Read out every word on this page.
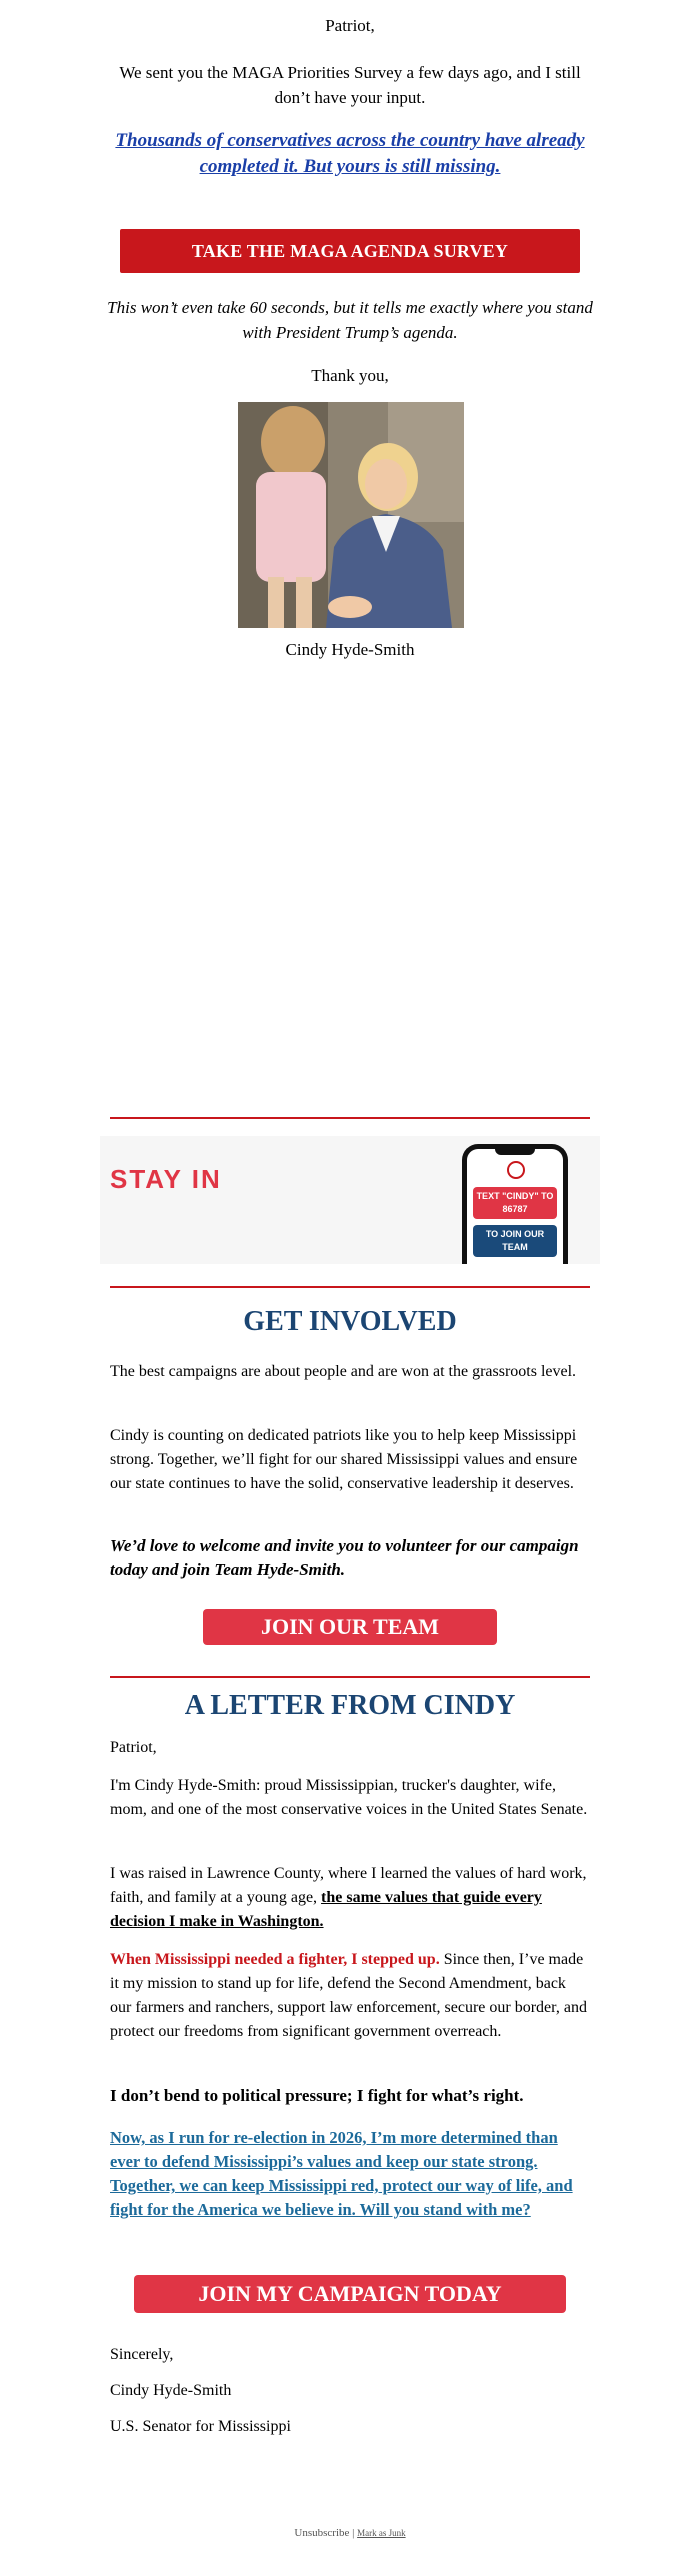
Patriot,

We sent you the MAGA Priorities Survey a few days ago, and I still don’t have your input.

Thousands of conservatives across the country have already completed it. But yours is still missing.

TAKE THE MAGA AGENDA SURVEY

This won’t even take 60 seconds, but it tells me exactly where you stand with President Trump’s agenda.

Thank you,

Cindy Hyde-Smith

STAY IN
TEXT "CINDY" TO 86787
TO JOIN OUR TEAM

GET INVOLVED

The best campaigns are about people and are won at the grassroots level.

Cindy is counting on dedicated patriots like you to help keep Mississippi strong. Together, we’ll fight for our shared Mississippi values and ensure our state continues to have the solid, conservative leadership it deserves.

We’d love to welcome and invite you to volunteer for our campaign today and join Team Hyde-Smith.

JOIN OUR TEAM

A LETTER FROM CINDY

Patriot,

I'm Cindy Hyde-Smith: proud Mississippian, trucker's daughter, wife, mom, and one of the most conservative voices in the United States Senate.

I was raised in Lawrence County, where I learned the values of hard work, faith, and family at a young age, the same values that guide every decision I make in Washington.

When Mississippi needed a fighter, I stepped up. Since then, I’ve made it my mission to stand up for life, defend the Second Amendment, back our farmers and ranchers, support law enforcement, secure our border, and protect our freedoms from significant government overreach.

I don’t bend to political pressure; I fight for what’s right.

Now, as I run for re-election in 2026, I’m more determined than ever to defend Mississippi’s values and keep our state strong. Together, we can keep Mississippi red, protect our way of life, and fight for the America we believe in. Will you stand with me?

JOIN MY CAMPAIGN TODAY

Sincerely,

Cindy Hyde-Smith

U.S. Senator for Mississippi

Unsubscribe | Mark as Junk
